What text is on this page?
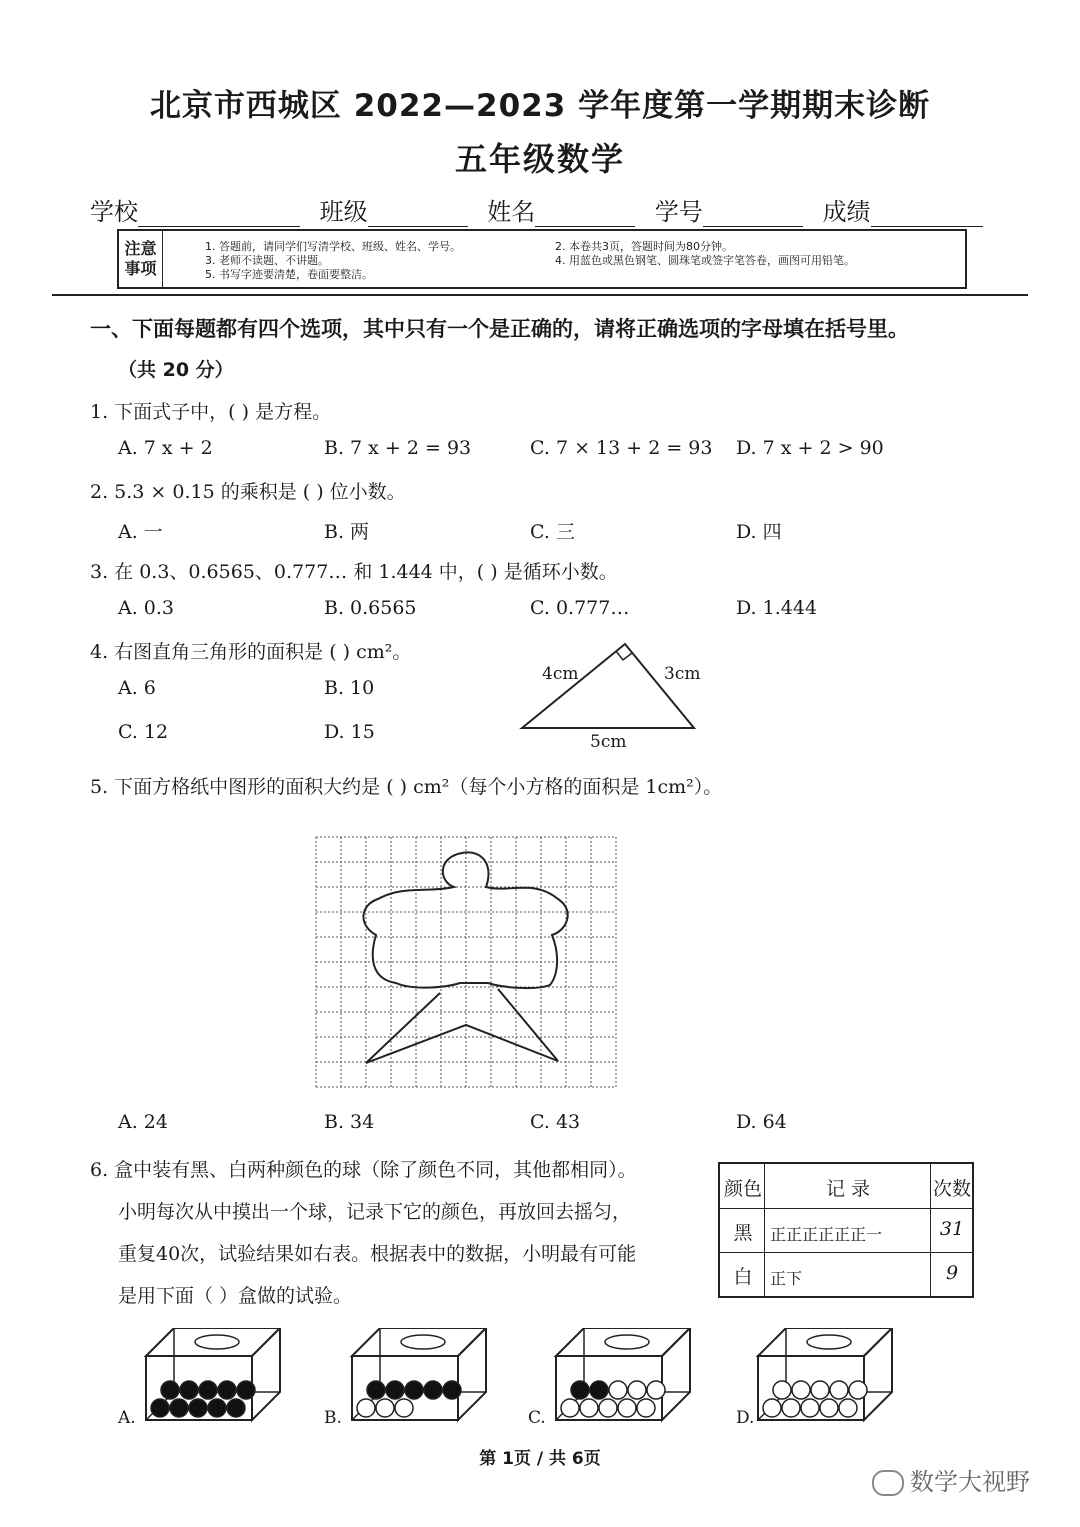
北京市西城区 2022—2023 学年度第一学期期末诊断
五年级数学
学校	班级	姓名	学号	成绩
注意
事项
1. 答题前，请同学们写清学校、班级、姓名、学号。	2. 本卷共3页，答题时间为80分钟。
3. 老师不读题、不讲题。	4. 用蓝色或黑色钢笔、圆珠笔或签字笔答卷，画图可用铅笔。
5. 书写字迹要清楚，卷面要整洁。
一、下面每题都有四个选项，其中只有一个是正确的，请将正确选项的字母填在括号里。
（共 20 分）
1. 下面式子中，( ) 是方程。
A. 7 x + 2	B. 7 x + 2 = 93	C. 7 × 13 + 2 = 93 D. 7 x + 2 > 90
2. 5.3 × 0.15 的乘积是 ( ) 位小数。
A. 一	B. 两	C. 三	D. 四
3. 在 0.3、0.6565、0.777… 和 1.444 中，( ) 是循环小数。
A. 0.3	B. 0.6565	C. 0.777…	D. 1.444
4. 右图直角三角形的面积是 ( ) cm²。
A. 6	B. 10
C. 12	D. 15
4cm	3cm
5cm
5. 下面方格纸中图形的面积大约是 ( ) cm²（每个小方格的面积是 1cm²）。
A. 24	B. 34	C. 43	D. 64
6. 盒中装有黑、白两种颜色的球（除了颜色不同，其他都相同）。
小明每次从中摸出一个球，记录下它的颜色，再放回去摇匀，
重复40次，试验结果如右表。根据表中的数据，小明最有可能
是用下面（ ）盒做的试验。
颜色	记 录	次数
黑	正正正正正正一	31
白	正下	9
A.	B.	C.	D.
第 1页 / 共 6页
数学大视野
